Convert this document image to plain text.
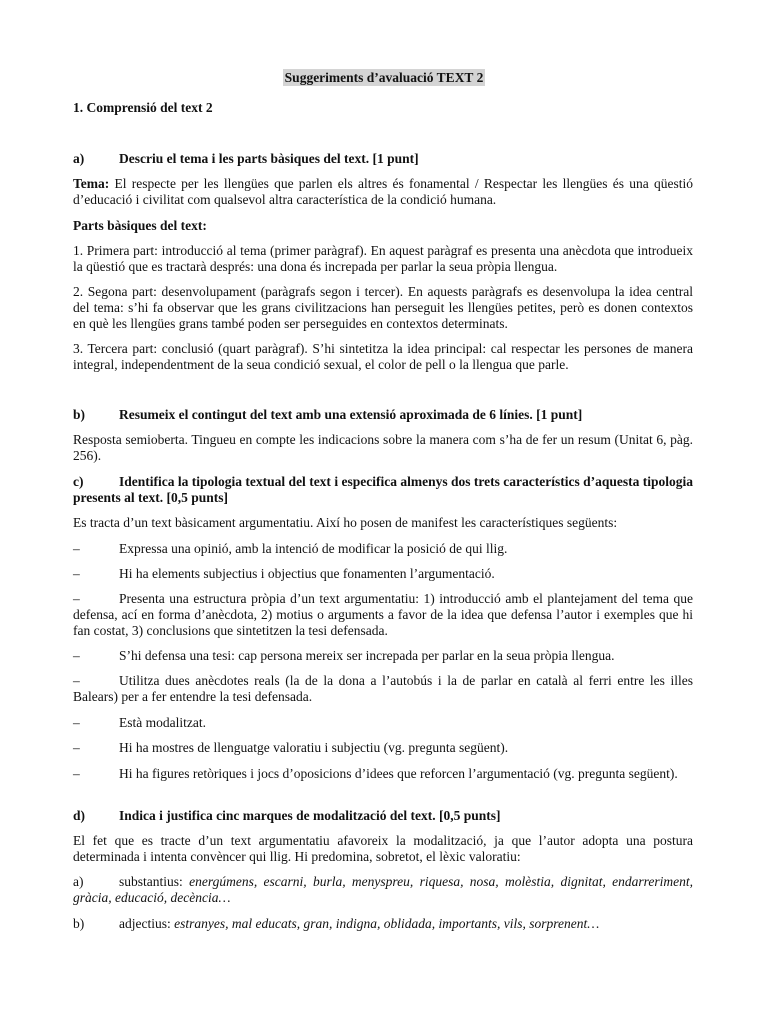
Suggeriments d’avaluació TEXT 2
1. Comprensió del text 2
a)	Descriu el tema i les parts bàsiques del text. [1 punt]
Tema: El respecte per les llengües que parlen els altres és fonamental / Respectar les llengües és una qüestió d’educació i civilitat com qualsevol altra característica de la condició humana.
Parts bàsiques del text:
1. Primera part: introducció al tema (primer paràgraf). En aquest paràgraf es presenta una anècdota que introdueix la qüestió que es tractarà després: una dona és increpada per parlar la seua pròpia llengua.
2. Segona part: desenvolupament (paràgrafs segon i tercer). En aquests paràgrafs es desenvolupa la idea central del tema: s’hi fa observar que les grans civilitzacions han perseguit les llengües petites, però es donen contextos en què les llengües grans també poden ser perseguides en contextos determinats.
3. Tercera part: conclusió (quart paràgraf). S’hi sintetitza la idea principal: cal respectar les persones de manera integral, independentment de la seua condició sexual, el color de pell o la llengua que parle.
b)	Resumeix el contingut del text amb una extensió aproximada de 6 línies. [1 punt]
Resposta semioberta. Tingueu en compte les indicacions sobre la manera com s’ha de fer un resum (Unitat 6, pàg. 256).
c)	Identifica la tipologia textual del text i especifica almenys dos trets característics d’aquesta tipologia presents al text. [0,5 punts]
Es tracta d’un text bàsicament argumentatiu. Així ho posen de manifest les característiques següents:
–	Expressa una opinió, amb la intenció de modificar la posició de qui llig.
–	Hi ha elements subjectius i objectius que fonamenten l’argumentació.
–	Presenta una estructura pròpia d’un text argumentatiu: 1) introducció amb el plantejament del tema que defensa, ací en forma d’anècdota, 2) motius o arguments a favor de la idea que defensa l’autor i exemples que hi fan costat, 3) conclusions que sintetitzen la tesi defensada.
–	S’hi defensa una tesi: cap persona mereix ser increpada per parlar en la seua pròpia llengua.
–	Utilitza dues anècdotes reals (la de la dona a l’autobús i la de parlar en català al ferri entre les illes Balears) per a fer entendre la tesi defensada.
–	Està modalitzat.
–	Hi ha mostres de llenguatge valoratiu i subjectiu (vg. pregunta següent).
–	Hi ha figures retòriques i jocs d’oposicions d’idees que reforcen l’argumentació (vg. pregunta següent).
d)	Indica i justifica cinc marques de modalització del text. [0,5 punts]
El fet que es tracte d’un text argumentatiu afavoreix la modalització, ja que l’autor adopta una postura determinada i intenta convèncer qui llig. Hi predomina, sobretot, el lèxic valoratiu:
a)	substantius: energúmens, escarni, burla, menyspreu, riquesa, nosa, molèstia, dignitat, endarreriment, gràcia, educació, decència…
b)	adjectius: estranyes, mal educats, gran, indigna, oblidada, importants, vils, sorprenent…
